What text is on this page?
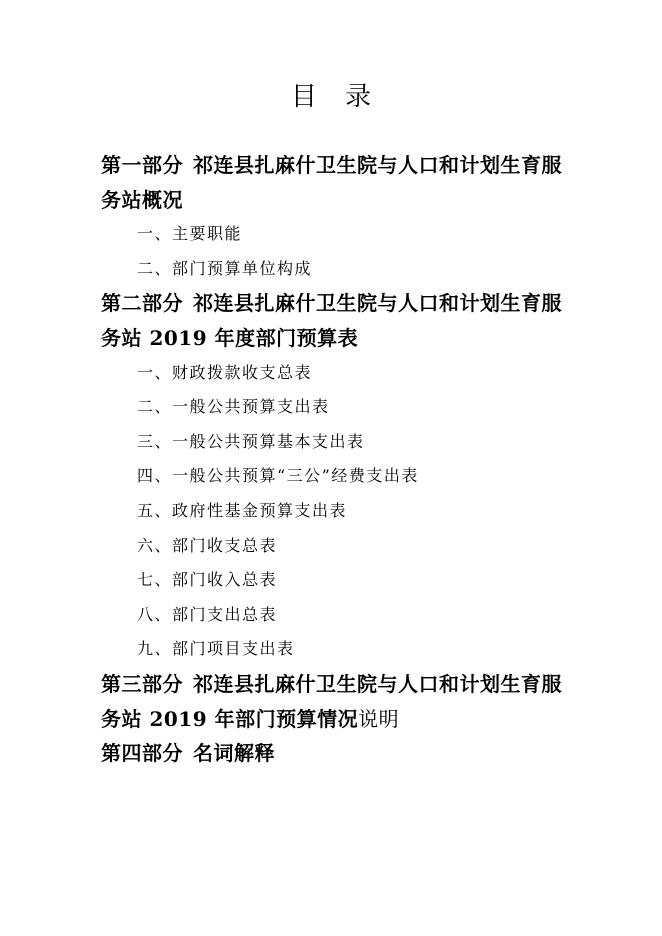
目 录
第一部分 祁连县扎麻什卫生院与人口和计划生育服
务站概况
一、主要职能
二、部门预算单位构成
第二部分 祁连县扎麻什卫生院与人口和计划生育服
务站 2019 年度部门预算表
一、财政拨款收支总表
二、一般公共预算支出表
三、一般公共预算基本支出表
四、一般公共预算“三公”经费支出表
五、政府性基金预算支出表
六、部门收支总表
七、部门收入总表
八、部门支出总表
九、部门项目支出表
第三部分 祁连县扎麻什卫生院与人口和计划生育服
务站 2019 年部门预算情况说明
第四部分 名词解释
